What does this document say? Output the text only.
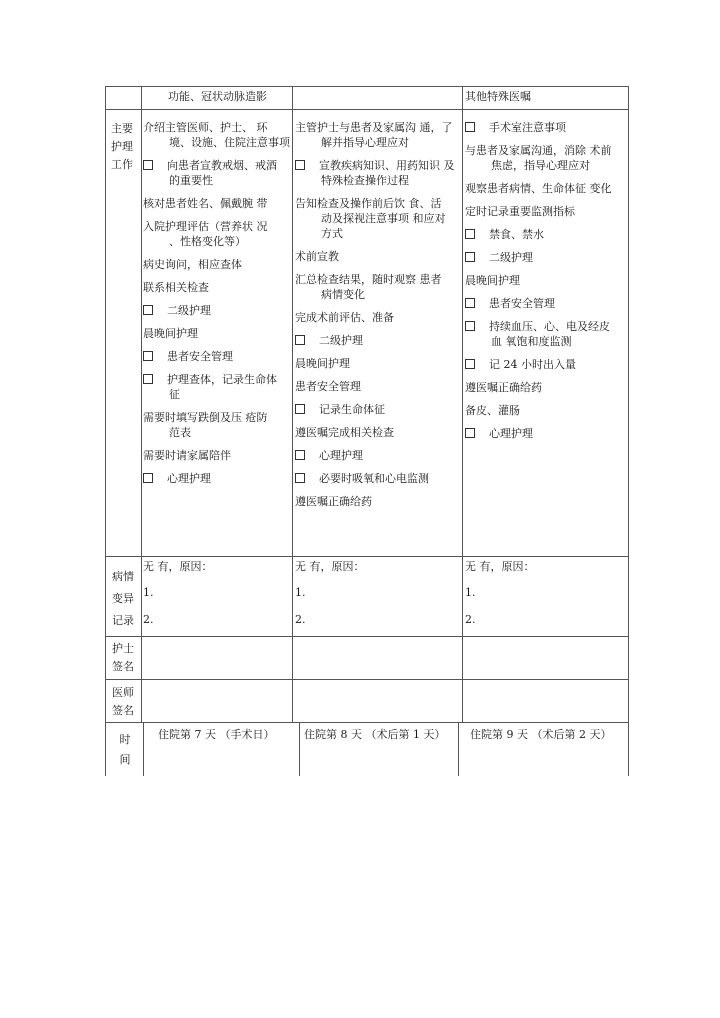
功能、冠状动脉造影	其他特殊医嘱
主要护理工作
介绍主管医师、护士、 环
境、设施、住院注意事项
向患者宣教戒烟、戒酒
的重要性
核对患者姓名、佩戴腕 带
入院护理评估（营养状 况
、性格变化等）
病史询问，相应查体
联系相关检查
二级护理
晨晚间护理
患者安全管理
护理查体，记录生命体
征
需要时填写跌倒及压 疮防
范表
需要时请家属陪伴
心理护理
主管护士与患者及家属沟 通，了
解并指导心理应对
宣教疾病知识、用药知识 及
特殊检查操作过程
告知检查及操作前后饮 食、活
动及探视注意事项 和应对方式
术前宣教
汇总检查结果，随时观察 患者
病情变化
完成术前评估、准备
二级护理
晨晚间护理
患者安全管理
记录生命体征
遵医嘱完成相关检查
心理护理
必要时吸氧和心电监测
遵医嘱正确给药
手术室注意事项
与患者及家属沟通，消除 术前
焦虑，指导心理应对
观察患者病情、生命体征 变化
定时记录重要监测指标
禁食、禁水
二级护理
晨晚间护理
患者安全管理
持续血压、心、电及经皮
血 氧饱和度监测
记 24 小时出入量
遵医嘱正确给药
备皮、灌肠
心理护理
病情
变异
记录
无 有，原因：
1.
2.
无 有，原因：
1.
2.
无 有，原因：
1.
2.
护士
签名
医师
签名
时
间
住院第 7 天 （手术日）	住院第 8 天 （术后第 1 天） 住院第 9 天 （术后第 2 天）
